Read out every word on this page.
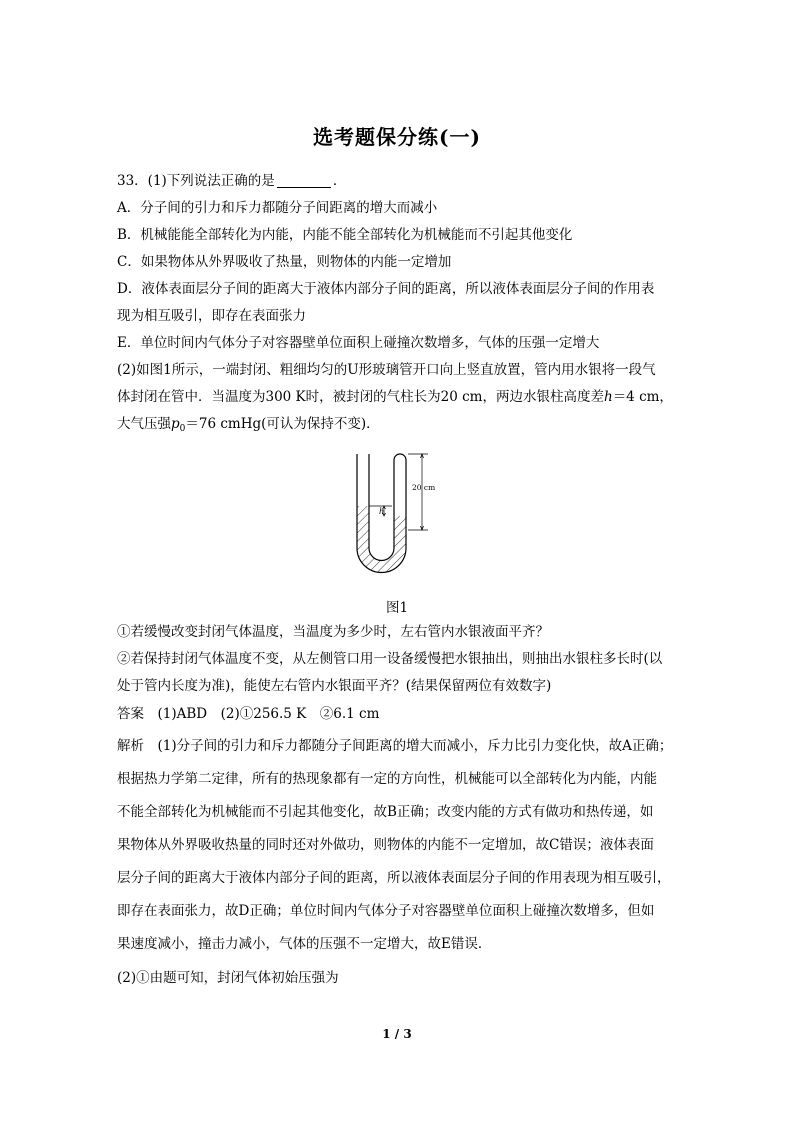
选考题保分练(一)
33．(1)下列说法正确的是	．
A．分子间的引力和斥力都随分子间距离的增大而减小
B．机械能能全部转化为内能，内能不能全部转化为机械能而不引起其他变化
C．如果物体从外界吸收了热量，则物体的内能一定增加
D．液体表面层分子间的距离大于液体内部分子间的距离，所以液体表面层分子间的作用表
现为相互吸引，即存在表面张力
E．单位时间内气体分子对容器壁单位面积上碰撞次数增多，气体的压强一定增大
(2)如图1所示，一端封闭、粗细均匀的U形玻璃管开口向上竖直放置，管内用水银将一段气
体封闭在管中．当温度为300 K时，被封闭的气柱长为20 cm，两边水银柱高度差h＝4 cm，
大气压强$p_0=76$ cmHg(可认为保持不变)．
h
20 cm
图1
①若缓慢改变封闭气体温度，当温度为多少时，左右管内水银液面平齐？
②若保持封闭气体温度不变，从左侧管口用一设备缓慢把水银抽出，则抽出水银柱多长时(以
处于管内长度为准)，能使左右管内水银面平齐？(结果保留两位有效数字)
答案　 (1)ABD　(2)①256.5 K　②6.1 cm
解析　 (1)分子间的引力和斥力都随分子间距离的增大而减小，斥力比引力变化快，故A正确；
根据热力学第二定律，所有的热现象都有一定的方向性，机械能可以全部转化为内能，内能
不能全部转化为机械能而不引起其他变化，故B正确；改变内能的方式有做功和热传递，如
果物体从外界吸收热量的同时还对外做功，则物体的内能不一定增加，故C错误；液体表面
层分子间的距离大于液体内部分子间的距离，所以液体表面层分子间的作用表现为相互吸引，
即存在表面张力，故D正确；单位时间内气体分子对容器壁单位面积上碰撞次数增多，但如
果速度减小，撞击力减小，气体的压强不一定增大，故E错误．
(2)①由题可知，封闭气体初始压强为
1 / 3
